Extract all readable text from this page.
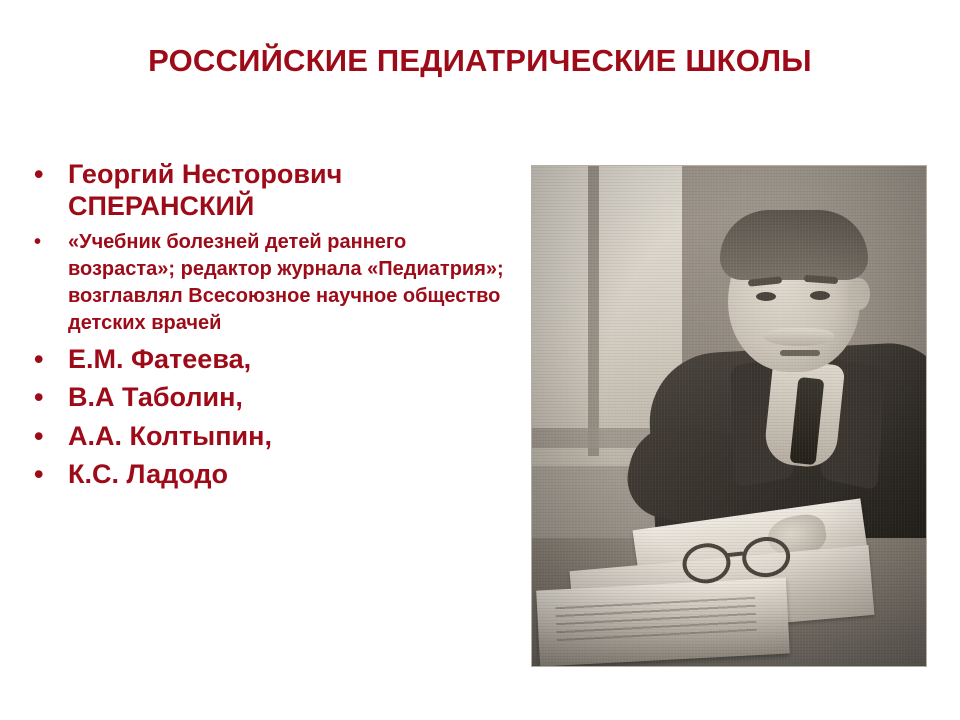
РОССИЙСКИЕ ПЕДИАТРИЧЕСКИЕ ШКОЛЫ
• Георгий Несторович СПЕРАНСКИЙ
•	«Учебник болезней детей раннего возраста»; редактор журнала «Педиатрия»; возглавлял Всесоюзное научное общество детских врачей
• Е.М. Фатеева,
• В.А Таболин,
• А.А. Колтыпин,
• К.С. Ладодо
